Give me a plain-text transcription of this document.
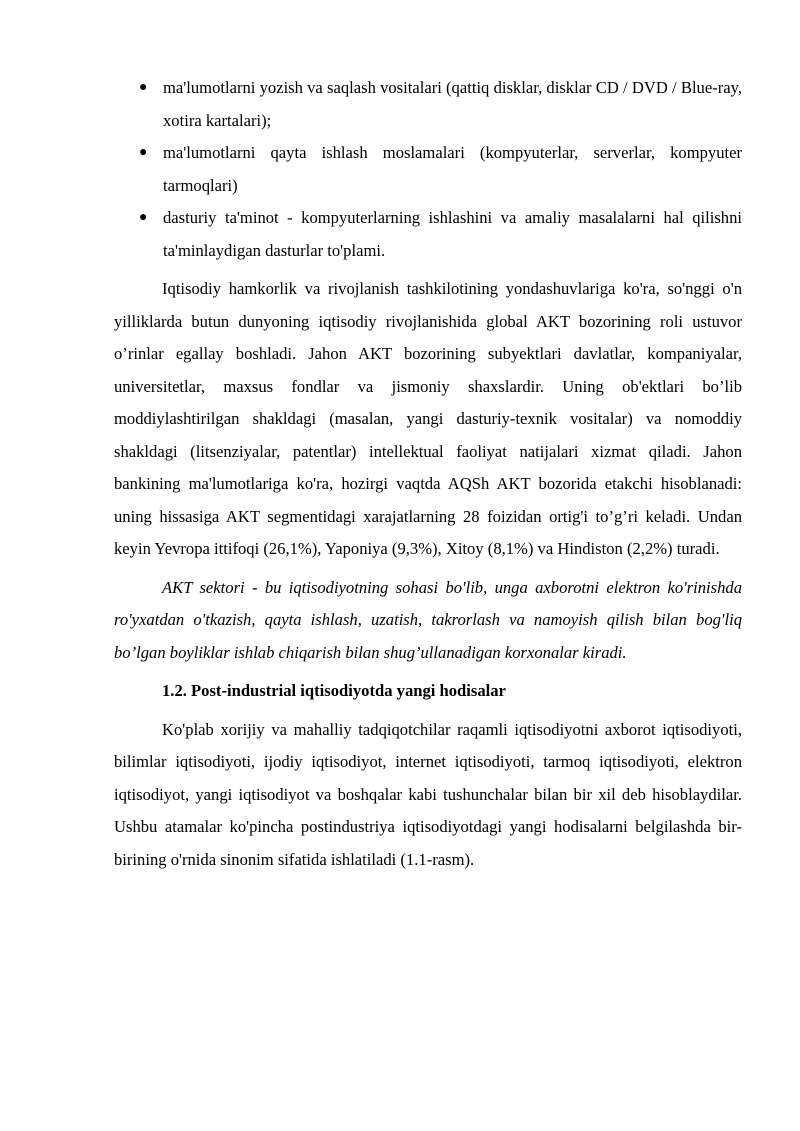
● ma'lumotlarni yozish va saqlash vositalari (qattiq disklar, disklar CD / DVD / Blue-ray, xotira kartalari);
● ma'lumotlarni qayta ishlash moslamalari (kompyuterlar, serverlar, kompyuter tarmoqlari)
● dasturiy ta'minot - kompyuterlarning ishlashini va amaliy masalalarni hal qilishni ta'minlaydigan dasturlar to'plami.

Iqtisodiy hamkorlik va rivojlanish tashkilotining yondashuvlariga ko'ra, so'nggi o'n yilliklarda butun dunyoning iqtisodiy rivojlanishida global AKT bozorining roli ustuvor o’rinlar egallay boshladi. Jahon AKT bozorining subyektlari davlatlar, kompaniyalar, universitetlar, maxsus fondlar va jismoniy shaxslardir. Uning ob'ektlari bo’lib moddiylashtirilgan shakldagi (masalan, yangi dasturiy-texnik vositalar) va nomoddiy shakldagi (litsenziyalar, patentlar) intellektual faoliyat natijalari xizmat qiladi. Jahon bankining ma'lumotlariga ko'ra, hozirgi vaqtda AQSh AKT bozorida etakchi hisoblanadi: uning hissasiga AKT segmentidagi xarajatlarning 28 foizidan ortig'i to’g’ri keladi. Undan keyin Yevropa ittifoqi (26,1%), Yaponiya (9,3%), Xitoy (8,1%) va Hindiston (2,2%) turadi.

AKT sektori - bu iqtisodiyotning sohasi bo'lib, unga axborotni elektron ko'rinishda ro'yxatdan o'tkazish, qayta ishlash, uzatish, takrorlash va namoyish qilish bilan bog'liq bo’lgan boyliklar ishlab chiqarish bilan shug’ullanadigan korxonalar kiradi.

1.2. Post-industrial iqtisodiyotda yangi hodisalar

Ko'plab xorijiy va mahalliy tadqiqotchilar raqamli iqtisodiyotni axborot iqtisodiyoti, bilimlar iqtisodiyoti, ijodiy iqtisodiyot, internet iqtisodiyoti, tarmoq iqtisodiyoti, elektron iqtisodiyot, yangi iqtisodiyot va boshqalar kabi tushunchalar bilan bir xil deb hisoblaydilar. Ushbu atamalar ko'pincha postindustriya iqtisodiyotdagi yangi hodisalarni belgilashda bir-birining o'rnida sinonim sifatida ishlatiladi (1.1-rasm).
